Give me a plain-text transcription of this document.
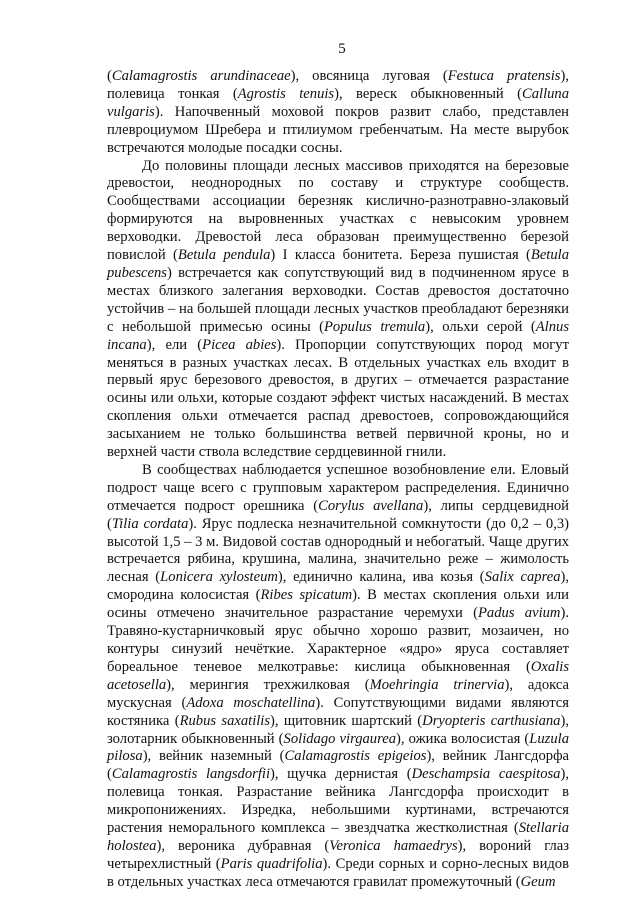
5

(Calamagrostis arundinaceae), овсяница луговая (Festuca pratensis), полевица тонкая (Agrostis tenuis), вереск обыкновенный (Calluna vulgaris). Напочвенный моховой покров развит слабо, представлен плевроциумом Шребера и птилиумом гребенчатым. На месте вырубок встречаются молодые посадки сосны.

До половины площади лесных массивов приходятся на березовые древостои, неоднородных по составу и структуре сообществ. Сообществами ассоциации березняк кислично-разнотравно-злаковый формируются на выровненных участках с невысоким уровнем верховодки. Древостой леса образован преимущественно березой повислой (Betula pendula) I класса бонитета. Береза пушистая (Betula pubescens) встречается как сопутствующий вид в подчиненном ярусе в местах близкого залегания верховодки. Состав древостоя достаточно устойчив – на большей площади лесных участков преобладают березняки с небольшой примесью осины (Populus tremula), ольхи серой (Alnus incana), ели (Picea abies). Пропорции сопутствующих пород могут меняться в разных участках лесах. В отдельных участках ель входит в первый ярус березового древостоя, в других – отмечается разрастание осины или ольхи, которые создают эффект чистых насаждений. В местах скопления ольхи отмечается распад древостоев, сопровождающийся засыханием не только большинства ветвей первичной кроны, но и верхней части ствола вследствие сердцевинной гнили.

В сообществах наблюдается успешное возобновление ели. Еловый подрост чаще всего с групповым характером распределения. Единично отмечается подрост орешника (Corylus avellana), липы сердцевидной (Tilia cordata). Ярус подлеска незначительной сомкнутости (до 0,2 – 0,3) высотой 1,5 – 3 м. Видовой состав однородный и небогатый. Чаще других встречается рябина, крушина, малина, значительно реже – жимолость лесная (Lonicera xylosteum), единично калина, ива козья (Salix caprea), смородина колосистая (Ribes spicatum). В местах скопления ольхи или осины отмечено значительное разрастание черемухи (Padus avium). Травяно-кустарничковый ярус обычно хорошо развит, мозаичен, но контуры синузий нечёткие. Характерное «ядро» яруса составляет бореальное теневое мелкотравье: кислица обыкновенная (Oxalis acetosella), мерингия трехжилковая (Moehringia trinervia), адокса мускусная (Adoxa moschatellina). Сопутствующими видами являются костяника (Rubus saxatilis), щитовник шартский (Dryopteris carthusiana), золотарник обыкновенный (Solidago virgaurea), ожика волосистая (Luzula pilosa), вейник наземный (Calamagrostis epigeios), вейник Лангсдорфа (Calamagrostis langsdorfii), щучка дернистая (Deschampsia caespitosa), полевица тонкая. Разрастание вейника Лангсдорфа происходит в микропонижениях. Изредка, небольшими куртинами, встречаются растения неморального комплекса – звездчатка жестколистная (Stellaria holostea), вероника дубравная (Veronica hamaedrys), вороний глаз четырехлистный (Paris quadrifolia). Среди сорных и сорно-лесных видов в отдельных участках леса отмечаются гравилат промежуточный (Geum
